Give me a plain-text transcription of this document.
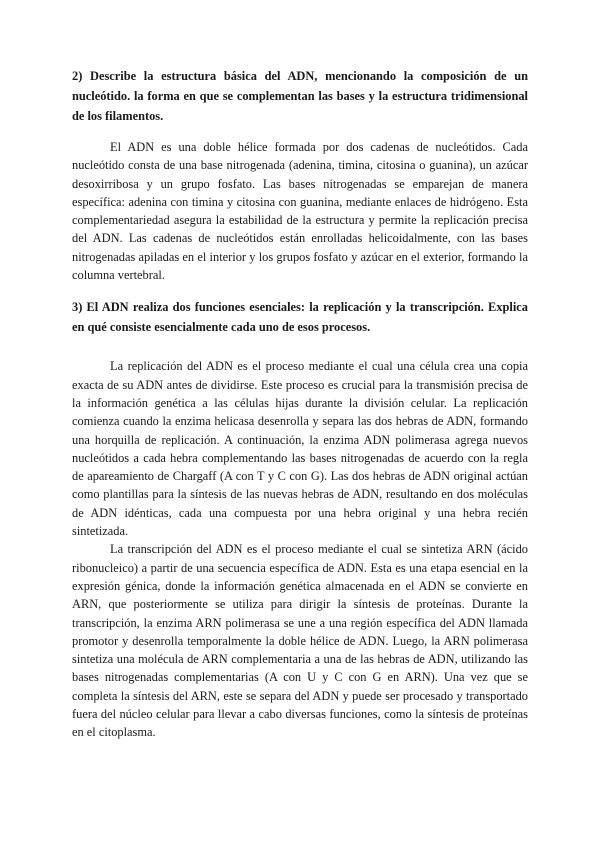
2) Describe la estructura básica del ADN, mencionando la composición de un nucleótido. la forma en que se complementan las bases y la estructura tridimensional de los filamentos.

El ADN es una doble hélice formada por dos cadenas de nucleótidos. Cada nucleótido consta de una base nitrogenada (adenina, timina, citosina o guanina), un azúcar desoxirribosa y un grupo fosfato. Las bases nitrogenadas se emparejan de manera específica: adenina con timina y citosina con guanina, mediante enlaces de hidrógeno. Esta complementariedad asegura la estabilidad de la estructura y permite la replicación precisa del ADN. Las cadenas de nucleótidos están enrolladas helicoidalmente, con las bases nitrogenadas apiladas en el interior y los grupos fosfato y azúcar en el exterior, formando la columna vertebral.

3) El ADN realiza dos funciones esenciales: la replicación y la transcripción. Explica en qué consiste esencialmente cada uno de esos procesos.

La replicación del ADN es el proceso mediante el cual una célula crea una copia exacta de su ADN antes de dividirse. Este proceso es crucial para la transmisión precisa de la información genética a las células hijas durante la división celular. La replicación comienza cuando la enzima helicasa desenrolla y separa las dos hebras de ADN, formando una horquilla de replicación. A continuación, la enzima ADN polimerasa agrega nuevos nucleótidos a cada hebra complementando las bases nitrogenadas de acuerdo con la regla de apareamiento de Chargaff (A con T y C con G). Las dos hebras de ADN original actúan como plantillas para la síntesis de las nuevas hebras de ADN, resultando en dos moléculas de ADN idénticas, cada una compuesta por una hebra original y una hebra recién sintetizada.

La transcripción del ADN es el proceso mediante el cual se sintetiza ARN (ácido ribonucleico) a partir de una secuencia específica de ADN. Esta es una etapa esencial en la expresión génica, donde la información genética almacenada en el ADN se convierte en ARN, que posteriormente se utiliza para dirigir la síntesis de proteínas. Durante la transcripción, la enzima ARN polimerasa se une a una región específica del ADN llamada promotor y desenrolla temporalmente la doble hélice de ADN. Luego, la ARN polimerasa sintetiza una molécula de ARN complementaria a una de las hebras de ADN, utilizando las bases nitrogenadas complementarias (A con U y C con G en ARN). Una vez que se completa la síntesis del ARN, este se separa del ADN y puede ser procesado y transportado fuera del núcleo celular para llevar a cabo diversas funciones, como la síntesis de proteínas en el citoplasma.
